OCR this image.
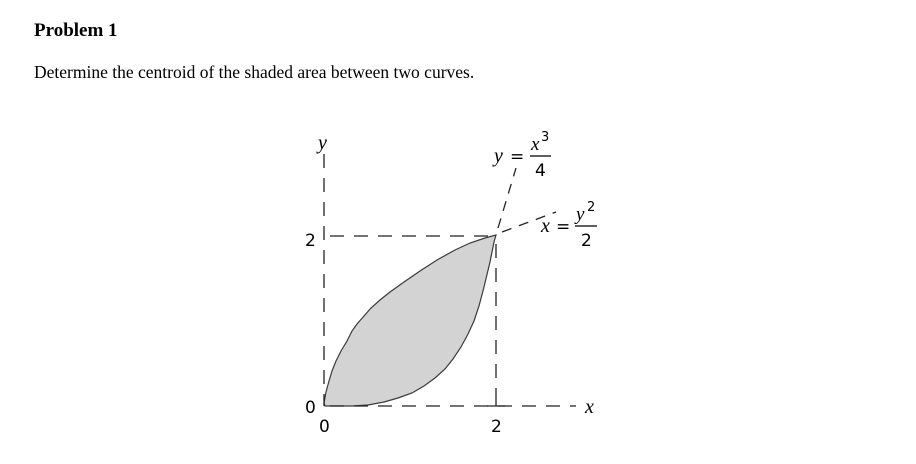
Problem 1

Determine the centroid of the shaded area between two curves.

y
x
2
0
0	2
y =
x 3
4
x =
y 2
2
